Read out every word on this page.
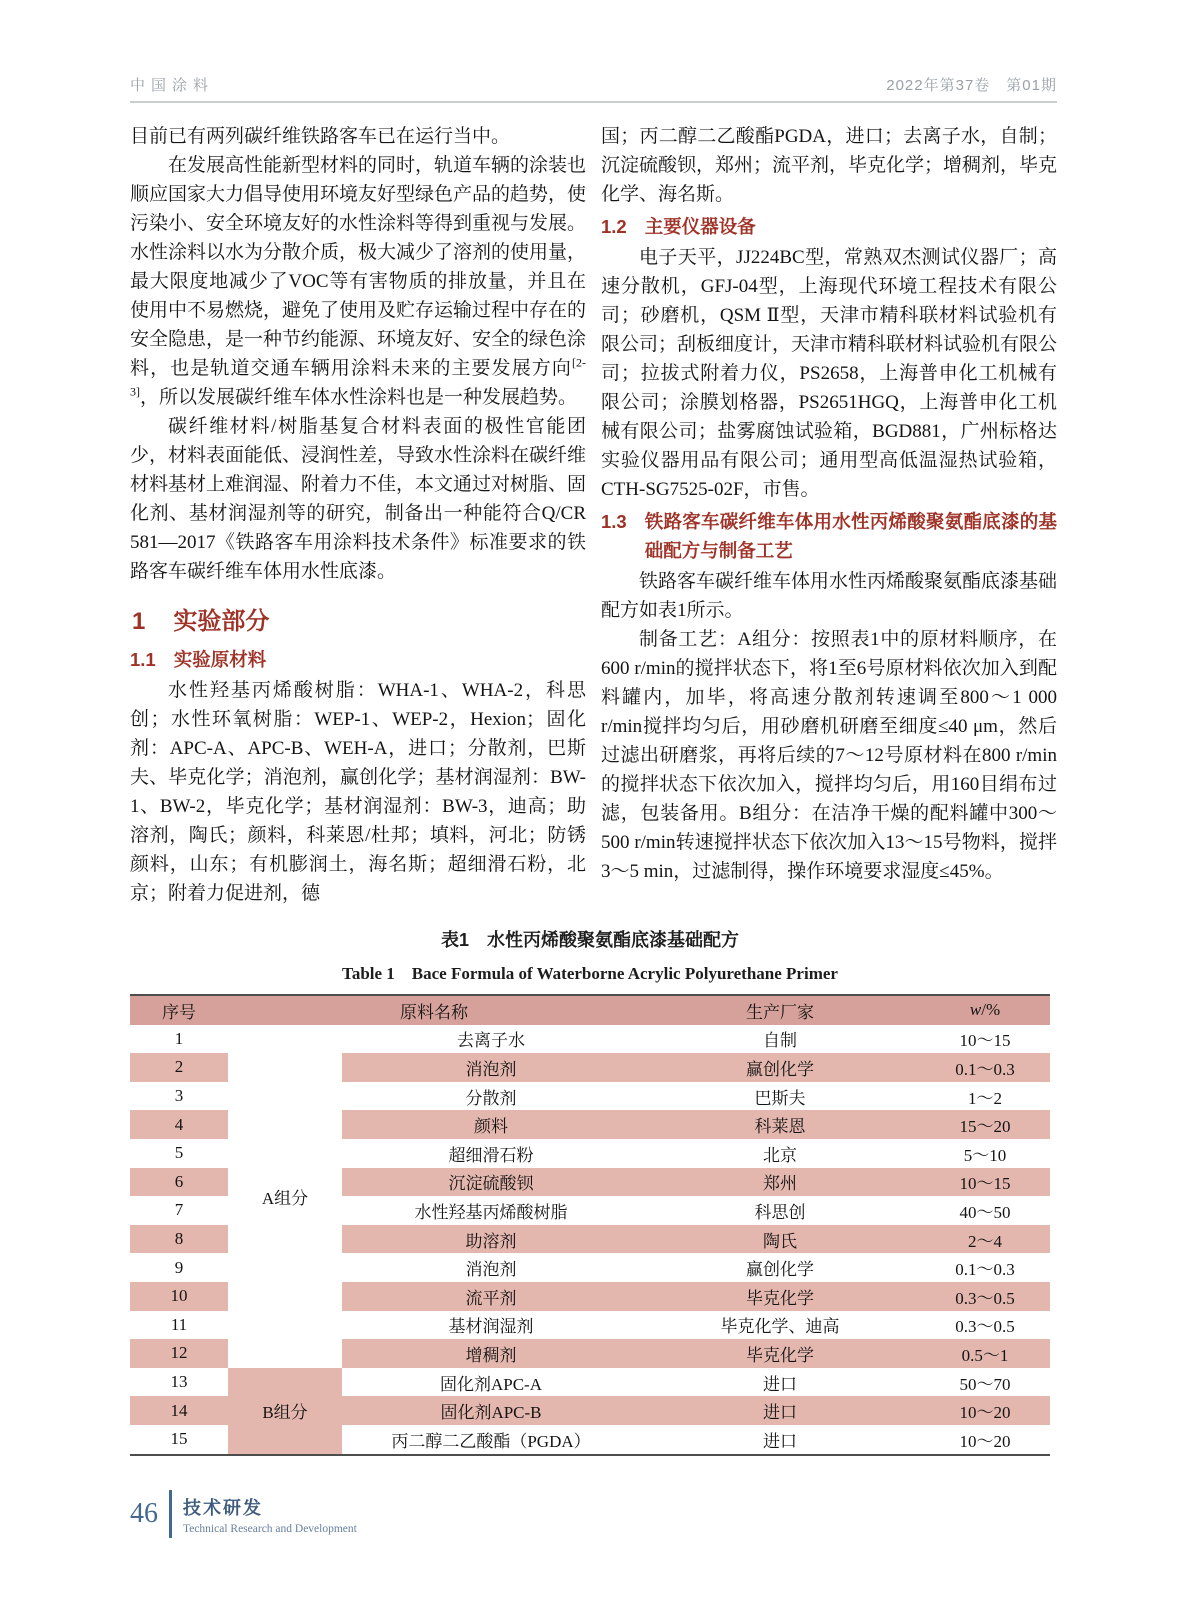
中国涂料	2022年第37卷　第01期

目前已有两列碳纤维铁路客车已在运行当中。

在发展高性能新型材料的同时，轨道车辆的涂装也顺应国家大力倡导使用环境友好型绿色产品的趋势，使污染小、安全环境友好的水性涂料等得到重视与发展。水性涂料以水为分散介质，极大减少了溶剂的使用量，最大限度地减少了VOC等有害物质的排放量，并且在使用中不易燃烧，避免了使用及贮存运输过程中存在的安全隐患，是一种节约能源、环境友好、安全的绿色涂料，也是轨道交通车辆用涂料未来的主要发展方向[2-3]，所以发展碳纤维车体水性涂料也是一种发展趋势。

碳纤维材料/树脂基复合材料表面的极性官能团少，材料表面能低、浸润性差，导致水性涂料在碳纤维材料基材上难润湿、附着力不佳，本文通过对树脂、固化剂、基材润湿剂等的研究，制备出一种能符合Q/CR 581—2017《铁路客车用涂料技术条件》标准要求的铁路客车碳纤维车体用水性底漆。

1 实验部分
1.1 实验原材料

水性羟基丙烯酸树脂：WHA-1、WHA-2，科思创；水性环氧树脂：WEP-1、WEP-2，Hexion；固化剂：APC-A、APC-B、WEH-A，进口；分散剂，巴斯夫、毕克化学；消泡剂，赢创化学；基材润湿剂：BW-1、BW-2，毕克化学；基材润湿剂：BW-3，迪高；助溶剂，陶氏；颜料，科莱恩/杜邦；填料，河北；防锈颜料，山东；有机膨润土，海名斯；超细滑石粉，北京；附着力促进剂，德

国；丙二醇二乙酸酯PGDA，进口；去离子水，自制；沉淀硫酸钡，郑州；流平剂，毕克化学；增稠剂，毕克化学、海名斯。

1.2 主要仪器设备

电子天平，JJ224BC型，常熟双杰测试仪器厂；高速分散机，GFJ-04型，上海现代环境工程技术有限公司；砂磨机，QSM Ⅱ型，天津市精科联材料试验机有限公司；刮板细度计，天津市精科联材料试验机有限公司；拉拔式附着力仪，PS2658，上海普申化工机械有限公司；涂膜划格器，PS2651HGQ，上海普申化工机械有限公司；盐雾腐蚀试验箱，BGD881，广州标格达实验仪器用品有限公司；通用型高低温湿热试验箱，CTH-SG7525-02F，市售。

1.3 铁路客车碳纤维车体用水性丙烯酸聚氨酯底漆的基础配方与制备工艺

铁路客车碳纤维车体用水性丙烯酸聚氨酯底漆基础配方如表1所示。

制备工艺：A组分：按照表1中的原材料顺序，在600 r/min的搅拌状态下，将1至6号原材料依次加入到配料罐内，加毕，将高速分散剂转速调至800～1 000 r/min搅拌均匀后，用砂磨机研磨至细度≤40 μm，然后过滤出研磨浆，再将后续的7～12号原材料在800 r/min的搅拌状态下依次加入，搅拌均匀后，用160目绢布过滤，包装备用。B组分：在洁净干燥的配料罐中300～500 r/min转速搅拌状态下依次加入13～15号物料，搅拌3～5 min，过滤制得，操作环境要求湿度≤45%。

表1　水性丙烯酸聚氨酯底漆基础配方
Table 1　Bace Formula of Waterborne Acrylic Polyurethane Primer
序号	原料名称		生产厂家	w/%
1	A组分	去离子水	自制	10～15
2		消泡剂	赢创化学	0.1～0.3
3		分散剂	巴斯夫	1～2
4		颜料	科莱恩	15～20
5		超细滑石粉	北京	5～10
6		沉淀硫酸钡	郑州	10～15
7		水性羟基丙烯酸树脂	科思创	40～50
8		助溶剂	陶氏	2～4
9		消泡剂	赢创化学	0.1～0.3
10		流平剂	毕克化学	0.3～0.5
11		基材润湿剂	毕克化学、迪高	0.3～0.5
12		增稠剂	毕克化学	0.5～1
13	B组分	固化剂APC-A	进口	50～70
14		固化剂APC-B	进口	10～20
15		丙二醇二乙酸酯（PGDA）	进口	10～20
46 技术研发
Technical Research and Development
